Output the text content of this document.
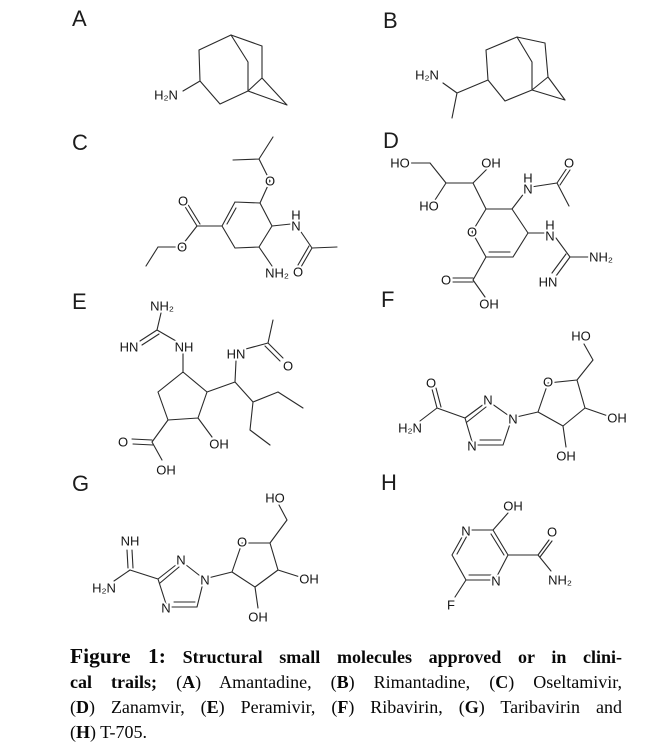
A	B
C	D
E	F
G	H
H₂N
H₂N
O
O
O
H
N
O
NH₂
HO	OH
HO
H
N
O
O	H
N
NH₂
HN
O
OH
NH₂
HN	NH	HN
O
O
OH
OH
HO
O
H₂N
N
N
N
O
OH
OH
NH
H₂N
N
N
N
O
HO
OH
OH
OH
N	O
N	NH₂
F
Figure 1: Structural small molecules approved or in clini-
cal trails; (A) Amantadine, (B) Rimantadine, (C) Oseltamivir,
(D) Zanamvir, (E) Peramivir, (F) Ribavirin, (G) Taribavirin and
(H) T-705.
